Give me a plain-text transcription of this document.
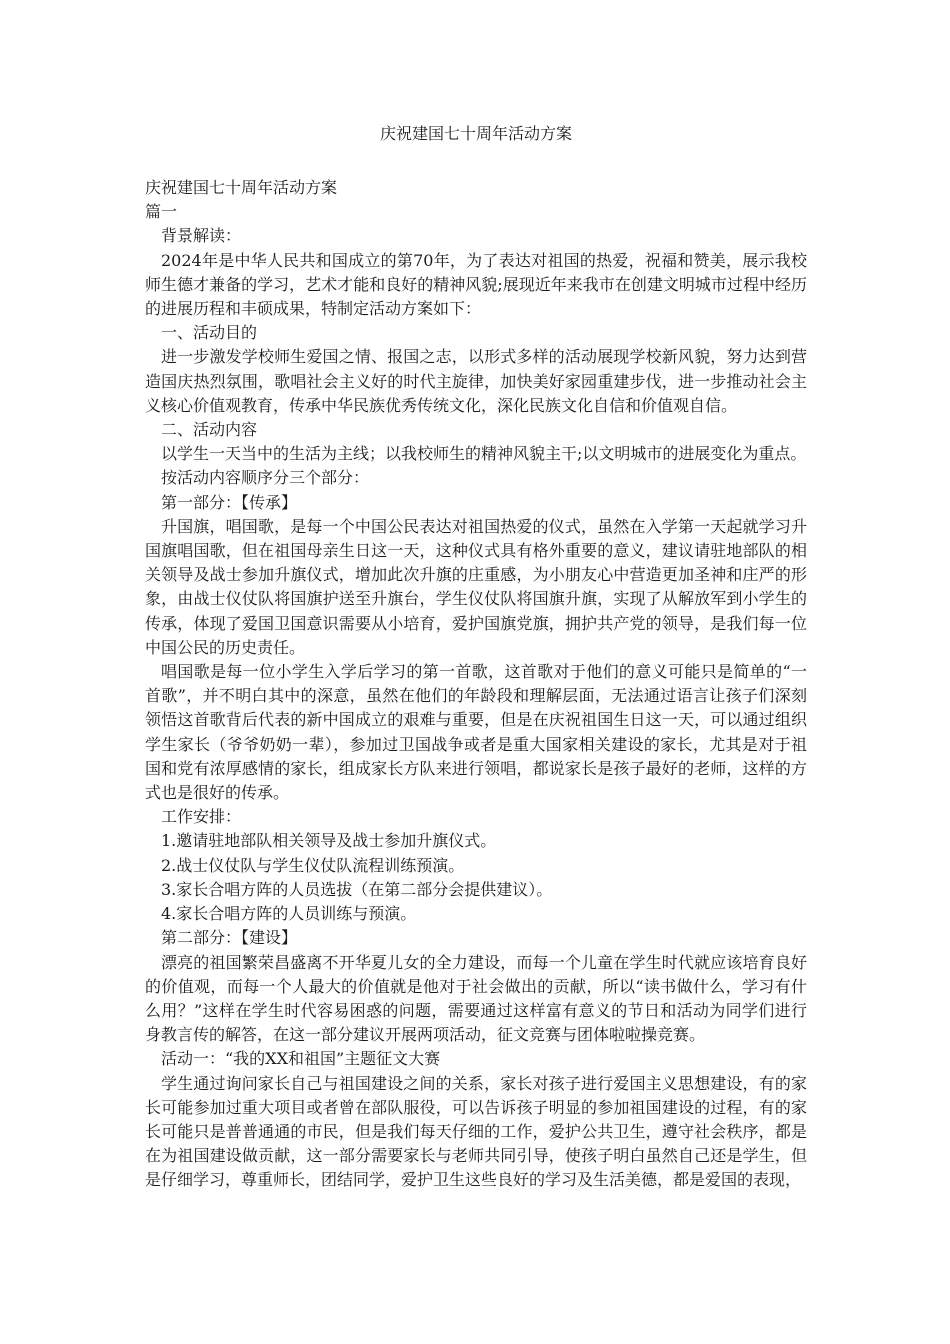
庆祝建国七十周年活动方案
庆祝建国七十周年活动方案
篇一

背景解读：

2024年是中华人民共和国成立的第70年，为了表达对祖国的热爱，祝福和赞美，展示我校师生德才兼备的学习，艺术才能和良好的精神风貌;展现近年来我市在创建文明城市过程中经历的进展历程和丰硕成果，特制定活动方案如下：

一、活动目的

进一步激发学校师生爱国之情、报国之志，以形式多样的活动展现学校新风貌，努力达到营造国庆热烈氛围，歌唱社会主义好的时代主旋律，加快美好家园重建步伐，进一步推动社会主义核心价值观教育，传承中华民族优秀传统文化，深化民族文化自信和价值观自信。

二、活动内容

以学生一天当中的生活为主线；以我校师生的精神风貌主干;以文明城市的进展变化为重点。

按活动内容顺序分三个部分：

第一部分：【传承】

升国旗，唱国歌，是每一个中国公民表达对祖国热爱的仪式，虽然在入学第一天起就学习升国旗唱国歌，但在祖国母亲生日这一天，这种仪式具有格外重要的意义，建议请驻地部队的相关领导及战士参加升旗仪式，增加此次升旗的庄重感，为小朋友心中营造更加圣神和庄严的形象，由战士仪仗队将国旗护送至升旗台，学生仪仗队将国旗升旗，实现了从解放军到小学生的传承，体现了爱国卫国意识需要从小培育，爱护国旗党旗，拥护共产党的领导，是我们每一位中国公民的历史责任。

唱国歌是每一位小学生入学后学习的第一首歌，这首歌对于他们的意义可能只是简单的“一首歌”，并不明白其中的深意，虽然在他们的年龄段和理解层面，无法通过语言让孩子们深刻领悟这首歌背后代表的新中国成立的艰难与重要，但是在庆祝祖国生日这一天，可以通过组织学生家长（爷爷奶奶一辈），参加过卫国战争或者是重大国家相关建设的家长，尤其是对于祖国和党有浓厚感情的家长，组成家长方队来进行领唱，都说家长是孩子最好的老师，这样的方式也是很好的传承。

工作安排：

1.邀请驻地部队相关领导及战士参加升旗仪式。

2.战士仪仗队与学生仪仗队流程训练预演。

3.家长合唱方阵的人员选拔（在第二部分会提供建议）。

4.家长合唱方阵的人员训练与预演。

第二部分：【建设】

漂亮的祖国繁荣昌盛离不开华夏儿女的全力建设，而每一个儿童在学生时代就应该培育良好的价值观，而每一个人最大的价值就是他对于社会做出的贡献，所以“读书做什么，学习有什么用？”这样在学生时代容易困惑的问题，需要通过这样富有意义的节日和活动为同学们进行身教言传的解答，在这一部分建议开展两项活动，征文竞赛与团体啦啦操竞赛。

活动一：“我的XX和祖国”主题征文大赛

学生通过询问家长自己与祖国建设之间的关系，家长对孩子进行爱国主义思想建设，有的家长可能参加过重大项目或者曾在部队服役，可以告诉孩子明显的参加祖国建设的过程，有的家长可能只是普普通通的市民，但是我们每天仔细的工作，爱护公共卫生，遵守社会秩序，都是在为祖国建设做贡献，这一部分需要家长与老师共同引导，使孩子明白虽然自己还是学生，但是仔细学习，尊重师长，团结同学，爱护卫生这些良好的学习及生活美德，都是爱国的表现，
